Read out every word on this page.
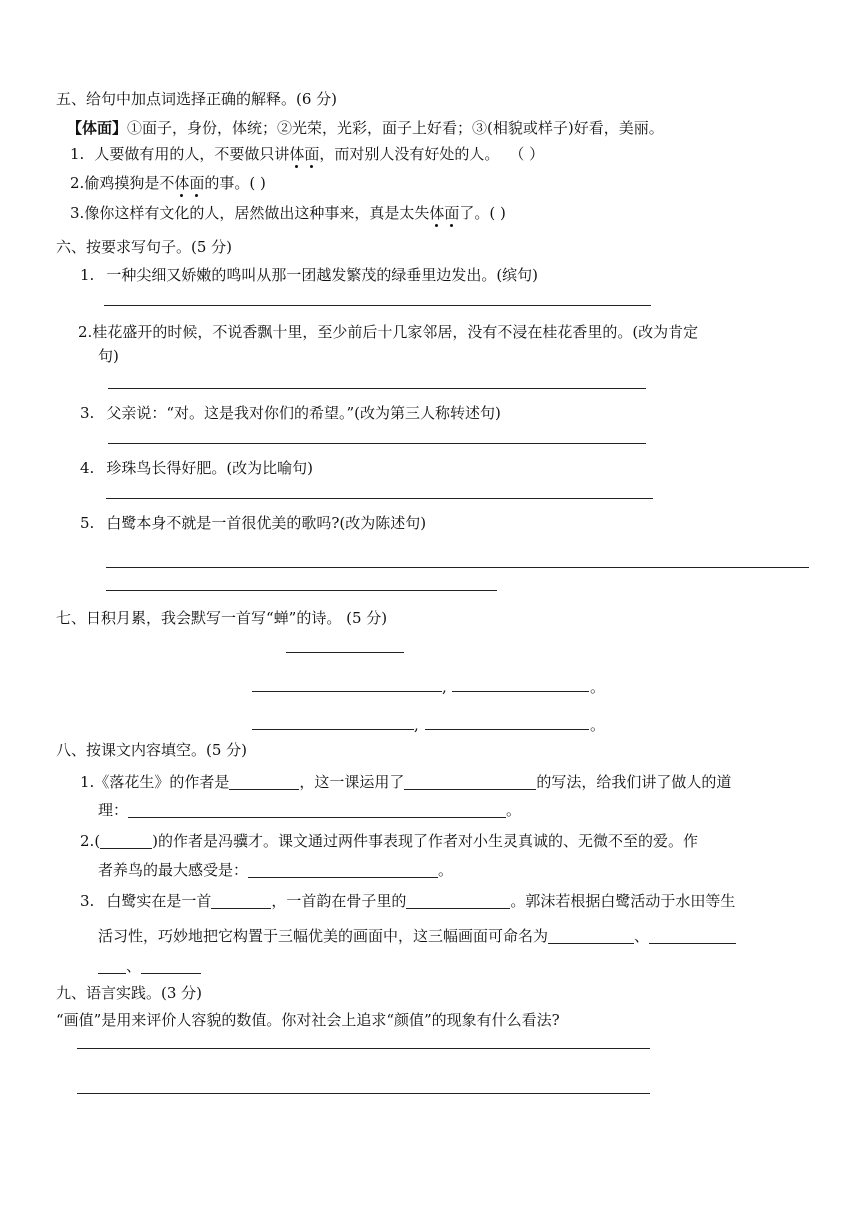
五、给句中加点词选择正确的解释。(6 分)
【体面】①面子，身份，体统；②光荣，光彩，面子上好看；③(相貌或样子)好看，美丽。
1. 人要做有用的人，不要做只讲体面，而对别人没有好处的人。 （ ）
2.偷鸡摸狗是不体面的事。( )
3.像你这样有文化的人，居然做出这种事来，真是太失体面了。( )
六、按要求写句子。(5 分)
1. 一种尖细又娇嫩的鸣叫从那一团越发繁茂的绿垂里边发出。(缤句)
2.桂花盛开的时候，不说香飘十里，至少前后十几家邻居，没有不浸在桂花香里的。(改为肯定
句)
3. 父亲说：“对。这是我对你们的希望。”(改为第三人称转述句)
4. 珍珠鸟长得好肥。(改为比喻句)
5. 白鹭本身不就是一首很优美的歌吗?(改为陈述句)
七、日积月累，我会默写一首写“蝉”的诗。 (5 分)
,	。
,	。
八、按课文内容填空。(5 分)
1.《落花生》的作者是	，这一课运用了	的写法，给我们讲了做人的道
理：	。
2.(	)的作者是冯骥才。课文通过两件事表现了作者对小生灵真诚的、无微不至的爱。作
者养鸟的最大感受是：	。
3. 白鹭实在是一首	，一首韵在骨子里的	。郭沫若根据白鹭活动于水田等生
活习性，巧妙地把它构置于三幅优美的画面中，这三幅画面可命名为	、
、
九、语言实践。(3 分)
“画值”是用来评价人容貌的数值。你对社会上追求“颜值”的现象有什么看法?
